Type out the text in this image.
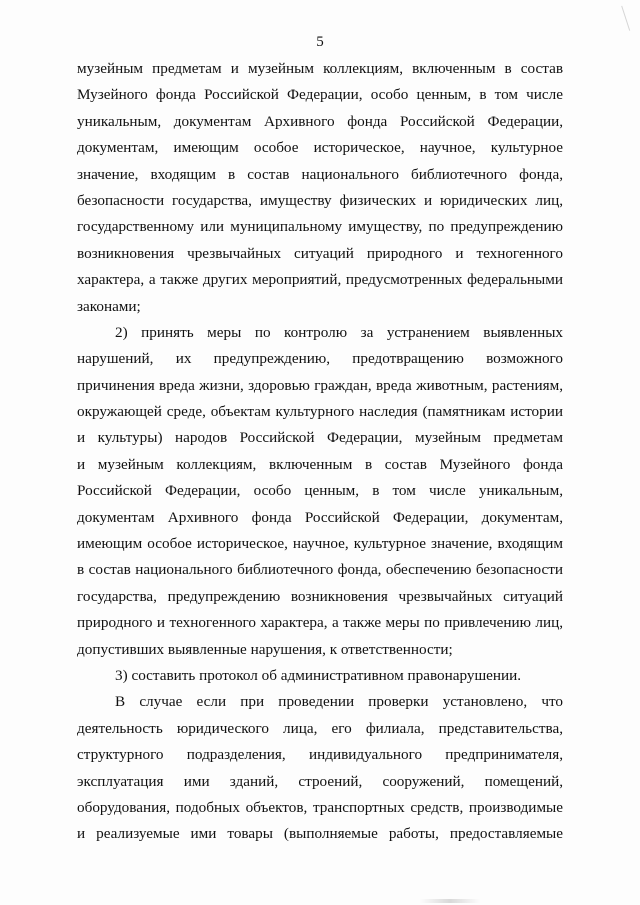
5
музейным предметам и музейным коллекциям, включенным в состав
Музейного фонда Российской Федерации, особо ценным, в том числе
уникальным, документам Архивного фонда Российской Федерации,
документам, имеющим особое историческое, научное, культурное
значение, входящим в состав национального библиотечного фонда,
безопасности государства, имуществу физических и юридических лиц,
государственному или муниципальному имуществу, по предупреждению
возникновения чрезвычайных ситуаций природного и техногенного
характера, а также других мероприятий, предусмотренных федеральными
законами;
2) принять меры по контролю за устранением выявленных
нарушений, их предупреждению, предотвращению возможного
причинения вреда жизни, здоровью граждан, вреда животным, растениям,
окружающей среде, объектам культурного наследия (памятникам истории
и культуры) народов Российской Федерации, музейным предметам
и музейным коллекциям, включенным в состав Музейного фонда
Российской Федерации, особо ценным, в том числе уникальным,
документам Архивного фонда Российской Федерации, документам,
имеющим особое историческое, научное, культурное значение, входящим
в состав национального библиотечного фонда, обеспечению безопасности
государства, предупреждению возникновения чрезвычайных ситуаций
природного и техногенного характера, а также меры по привлечению лиц,
допустивших выявленные нарушения, к ответственности;
3) составить протокол об административном правонарушении.
В случае если при проведении проверки установлено, что
деятельность юридического лица, его филиала, представительства,
структурного подразделения, индивидуального предпринимателя,
эксплуатация ими зданий, строений, сооружений, помещений,
оборудования, подобных объектов, транспортных средств, производимые
и реализуемые ими товары (выполняемые работы, предоставляемые
